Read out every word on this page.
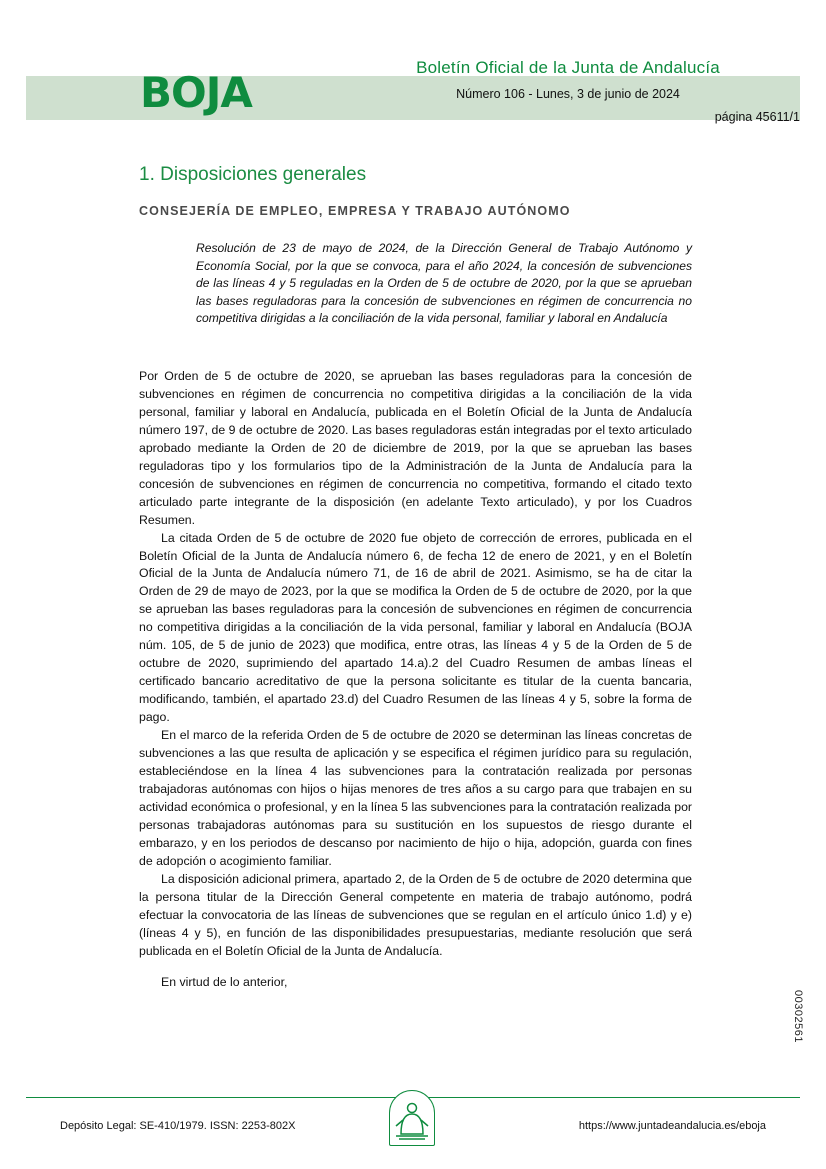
BOJA
Boletín Oficial de la Junta de Andalucía
Número 106 - Lunes, 3 de junio de 2024
página 45611/1
1. Disposiciones generales
CONSEJERÍA DE EMPLEO, EMPRESA Y TRABAJO AUTÓNOMO
Resolución de 23 de mayo de 2024, de la Dirección General de Trabajo Autónomo y Economía Social, por la que se convoca, para el año 2024, la concesión de subvenciones de las líneas 4 y 5 reguladas en la Orden de 5 de octubre de 2020, por la que se aprueban las bases reguladoras para la concesión de subvenciones en régimen de concurrencia no competitiva dirigidas a la conciliación de la vida personal, familiar y laboral en Andalucía

Por Orden de 5 de octubre de 2020, se aprueban las bases reguladoras para la concesión de subvenciones en régimen de concurrencia no competitiva dirigidas a la conciliación de la vida personal, familiar y laboral en Andalucía, publicada en el Boletín Oficial de la Junta de Andalucía número 197, de 9 de octubre de 2020. Las bases reguladoras están integradas por el texto articulado aprobado mediante la Orden de 20 de diciembre de 2019, por la que se aprueban las bases reguladoras tipo y los formularios tipo de la Administración de la Junta de Andalucía para la concesión de subvenciones en régimen de concurrencia no competitiva, formando el citado texto articulado parte integrante de la disposición (en adelante Texto articulado), y por los Cuadros Resumen.

La citada Orden de 5 de octubre de 2020 fue objeto de corrección de errores, publicada en el Boletín Oficial de la Junta de Andalucía número 6, de fecha 12 de enero de 2021, y en el Boletín Oficial de la Junta de Andalucía número 71, de 16 de abril de 2021. Asimismo, se ha de citar la Orden de 29 de mayo de 2023, por la que se modifica la Orden de 5 de octubre de 2020, por la que se aprueban las bases reguladoras para la concesión de subvenciones en régimen de concurrencia no competitiva dirigidas a la conciliación de la vida personal, familiar y laboral en Andalucía (BOJA núm. 105, de 5 de junio de 2023) que modifica, entre otras, las líneas 4 y 5 de la Orden de 5 de octubre de 2020, suprimiendo del apartado 14.a).2 del Cuadro Resumen de ambas líneas el certificado bancario acreditativo de que la persona solicitante es titular de la cuenta bancaria, modificando, también, el apartado 23.d) del Cuadro Resumen de las líneas 4 y 5, sobre la forma de pago.

En el marco de la referida Orden de 5 de octubre de 2020 se determinan las líneas concretas de subvenciones a las que resulta de aplicación y se especifica el régimen jurídico para su regulación, estableciéndose en la línea 4 las subvenciones para la contratación realizada por personas trabajadoras autónomas con hijos o hijas menores de tres años a su cargo para que trabajen en su actividad económica o profesional, y en la línea 5 las subvenciones para la contratación realizada por personas trabajadoras autónomas para su sustitución en los supuestos de riesgo durante el embarazo, y en los periodos de descanso por nacimiento de hijo o hija, adopción, guarda con fines de adopción o acogimiento familiar.

La disposición adicional primera, apartado 2, de la Orden de 5 de octubre de 2020 determina que la persona titular de la Dirección General competente en materia de trabajo autónomo, podrá efectuar la convocatoria de las líneas de subvenciones que se regulan en el artículo único 1.d) y e) (líneas 4 y 5), en función de las disponibilidades presupuestarias, mediante resolución que será publicada en el Boletín Oficial de la Junta de Andalucía.

En virtud de lo anterior,

00302561
Depósito Legal: SE-410/1979. ISSN: 2253-802X	https://www.juntadeandalucia.es/eboja
